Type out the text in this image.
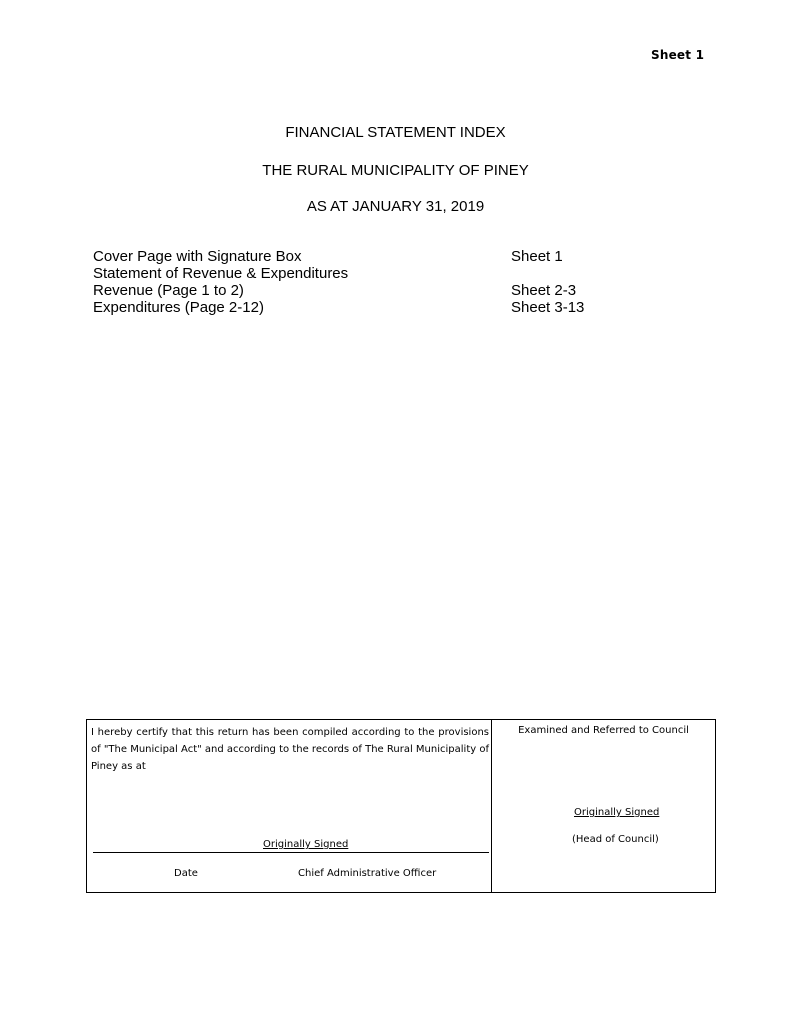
Sheet 1
FINANCIAL STATEMENT INDEX
THE RURAL MUNICIPALITY OF PINEY
AS AT JANUARY 31, 2019
Cover Page with Signature Box	Sheet 1
Statement of Revenue & Expenditures
Revenue (Page 1 to 2)	Sheet 2-3
Expenditures (Page 2-12)	Sheet 3-13
I hereby certify that this return has been compiled according to the provisions of "The Municipal Act" and according to the records of The Rural Municipality of Piney as at
Originally Signed
Date	Chief Administrative Officer
Examined and Referred to Council
Originally Signed
(Head of Council)
